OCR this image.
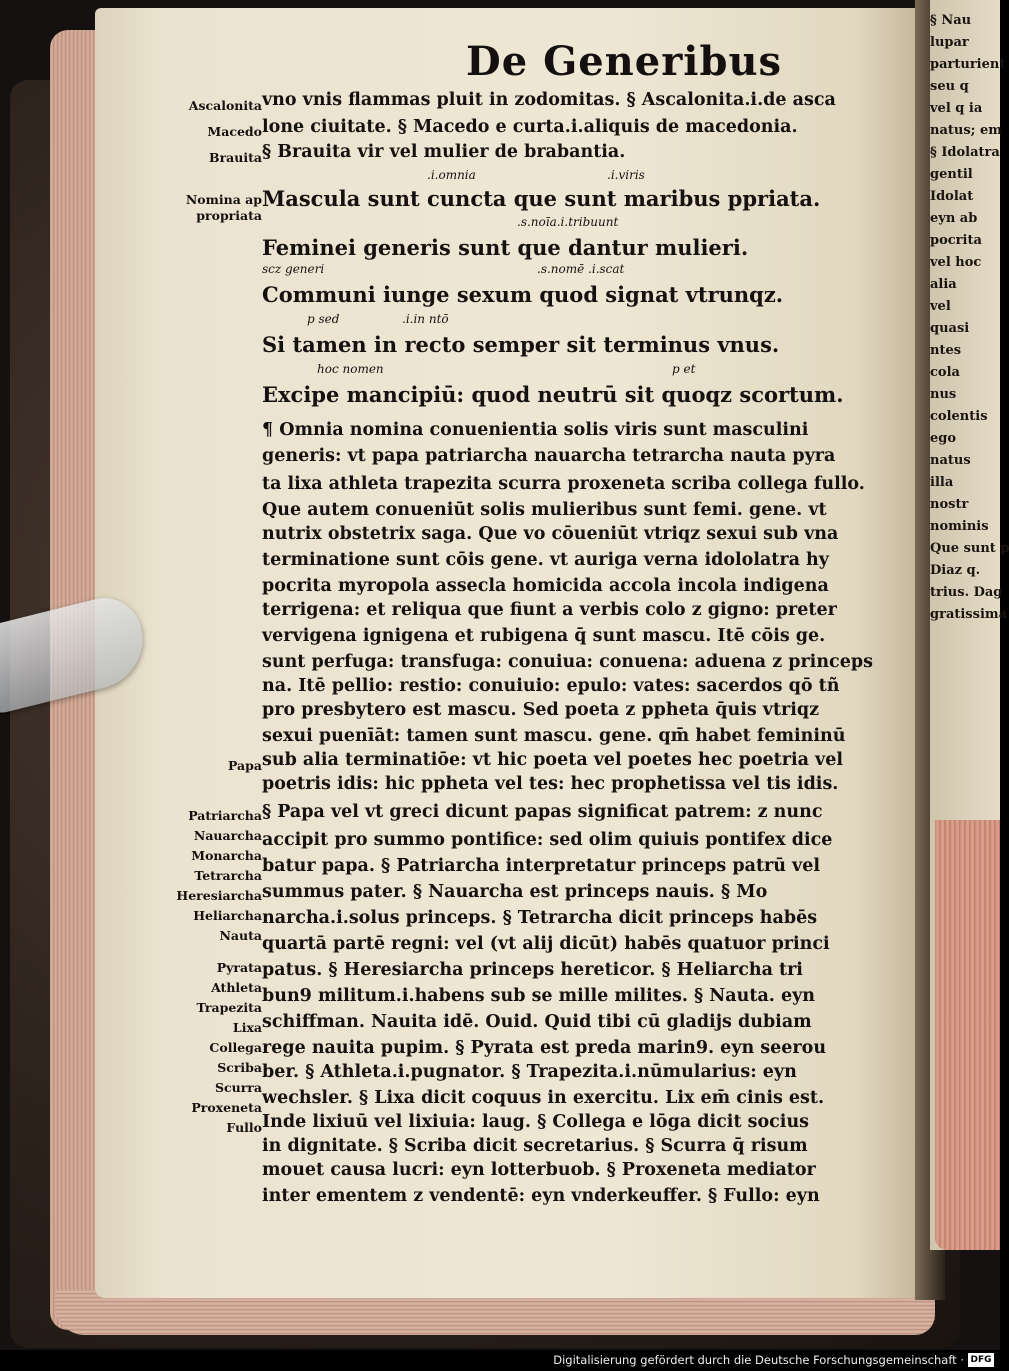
§ Nau
lupar
parturient
seu q
vel q ia
natus; em
§ Idolatra
gentil
Idolat
eyn ab
pocrita
vel hoc
alia
vel
quasi
ntes
cola
nus
colentis
ego
natus
illa
nostr
nominis
Que sunt p
Diaz q.
trius. Dag
gratissima
De Generibus
Ascalonita
Macedo
Brauita
Nomina ap
propriata
Papa
Patriarcha
Nauarcha
Monarcha
Tetrarcha
Heresiarcha
Heliarcha
Nauta
Pyrata
Athleta
Trapezita
Lixa
Collega
Scriba
Scurra
Proxeneta
Fullo
vno vnis flammas pluit in zodomitas. § Ascalonita.i.de asca
lone ciuitate. § Macedo e curta.i.aliquis de macedonia.
§ Brauita vir vel mulier de brabantia.
Mascula sunt cuncta que sunt maribus ppriata.
Feminei generis sunt que dantur mulieri.
Communi iunge sexum quod signat vtrunqz.
Si tamen in recto semper sit terminus vnus.
Excipe mancipiū: quod neutrū sit quoqz scortum.
¶ Omnia nomina conuenientia solis viris sunt masculini
generis: vt papa patriarcha nauarcha tetrarcha nauta pyra
ta lixa athleta trapezita scurra proxeneta scriba collega fullo.
Que autem conueniūt solis mulieribus sunt femi. gene. vt
nutrix obstetrix saga. Que vo cōueniūt vtriqz sexui sub vna
terminatione sunt cōis gene. vt auriga verna idololatra hy
pocrita myropola assecla homicida accola incola indigena
terrigena: et reliqua que fiunt a verbis colo z gigno: preter
vervigena ignigena et rubigena q̄ sunt mascu. Itē cōis ge.
sunt perfuga: transfuga: conuiua: conuena: aduena z princeps
na. Itē pellio: restio: conuiuio: epulo: vates: sacerdos qō tñ
pro presbytero est mascu. Sed poeta z ppheta q̄uis vtriqz
sexui puenīāt: tamen sunt mascu. gene. qm̄ habet femininū
sub alia terminatiōe: vt hic poeta vel poetes hec poetria vel
poetris idis: hic ppheta vel tes: hec prophetissa vel tis idis.
§ Papa vel vt greci dicunt papas significat patrem: z nunc
accipit pro summo pontifice: sed olim quiuis pontifex dice
batur papa. § Patriarcha interpretatur princeps patrū vel
summus pater. § Nauarcha est princeps nauis. § Mo
narcha.i.solus princeps. § Tetrarcha dicit princeps habēs
quartā partē regni: vel (vt alij dicūt) habēs quatuor princi
patus. § Heresiarcha princeps hereticor. § Heliarcha tri
bun9 militum.i.habens sub se mille milites. § Nauta. eyn
schiffman. Nauita idē. Ouid. Quid tibi cū gladijs dubiam
rege nauita pupim. § Pyrata est preda marin9. eyn seerou
ber. § Athleta.i.pugnator. § Trapezita.i.nūmularius: eyn
wechsler. § Lixa dicit coquus in exercitu. Lix em̄ cinis est.
Inde lixiuū vel lixiuia: laug. § Collega e lōga dicit socius
in dignitate. § Scriba dicit secretarius. § Scurra q̄ risum
mouet causa lucri: eyn lotterbuob. § Proxeneta mediator
inter ementem z vendentē: eyn vnderkeuffer. § Fullo: eyn
.i.omnia	.i.viris
.s.noīa.i.tribuunt
scz generi	.s.nomē .i.scat
p sed	.i.in ntō
hoc nomen	p et
Digitalisierung gefördert durch die Deutsche Forschungsgemeinschaft · DFG
